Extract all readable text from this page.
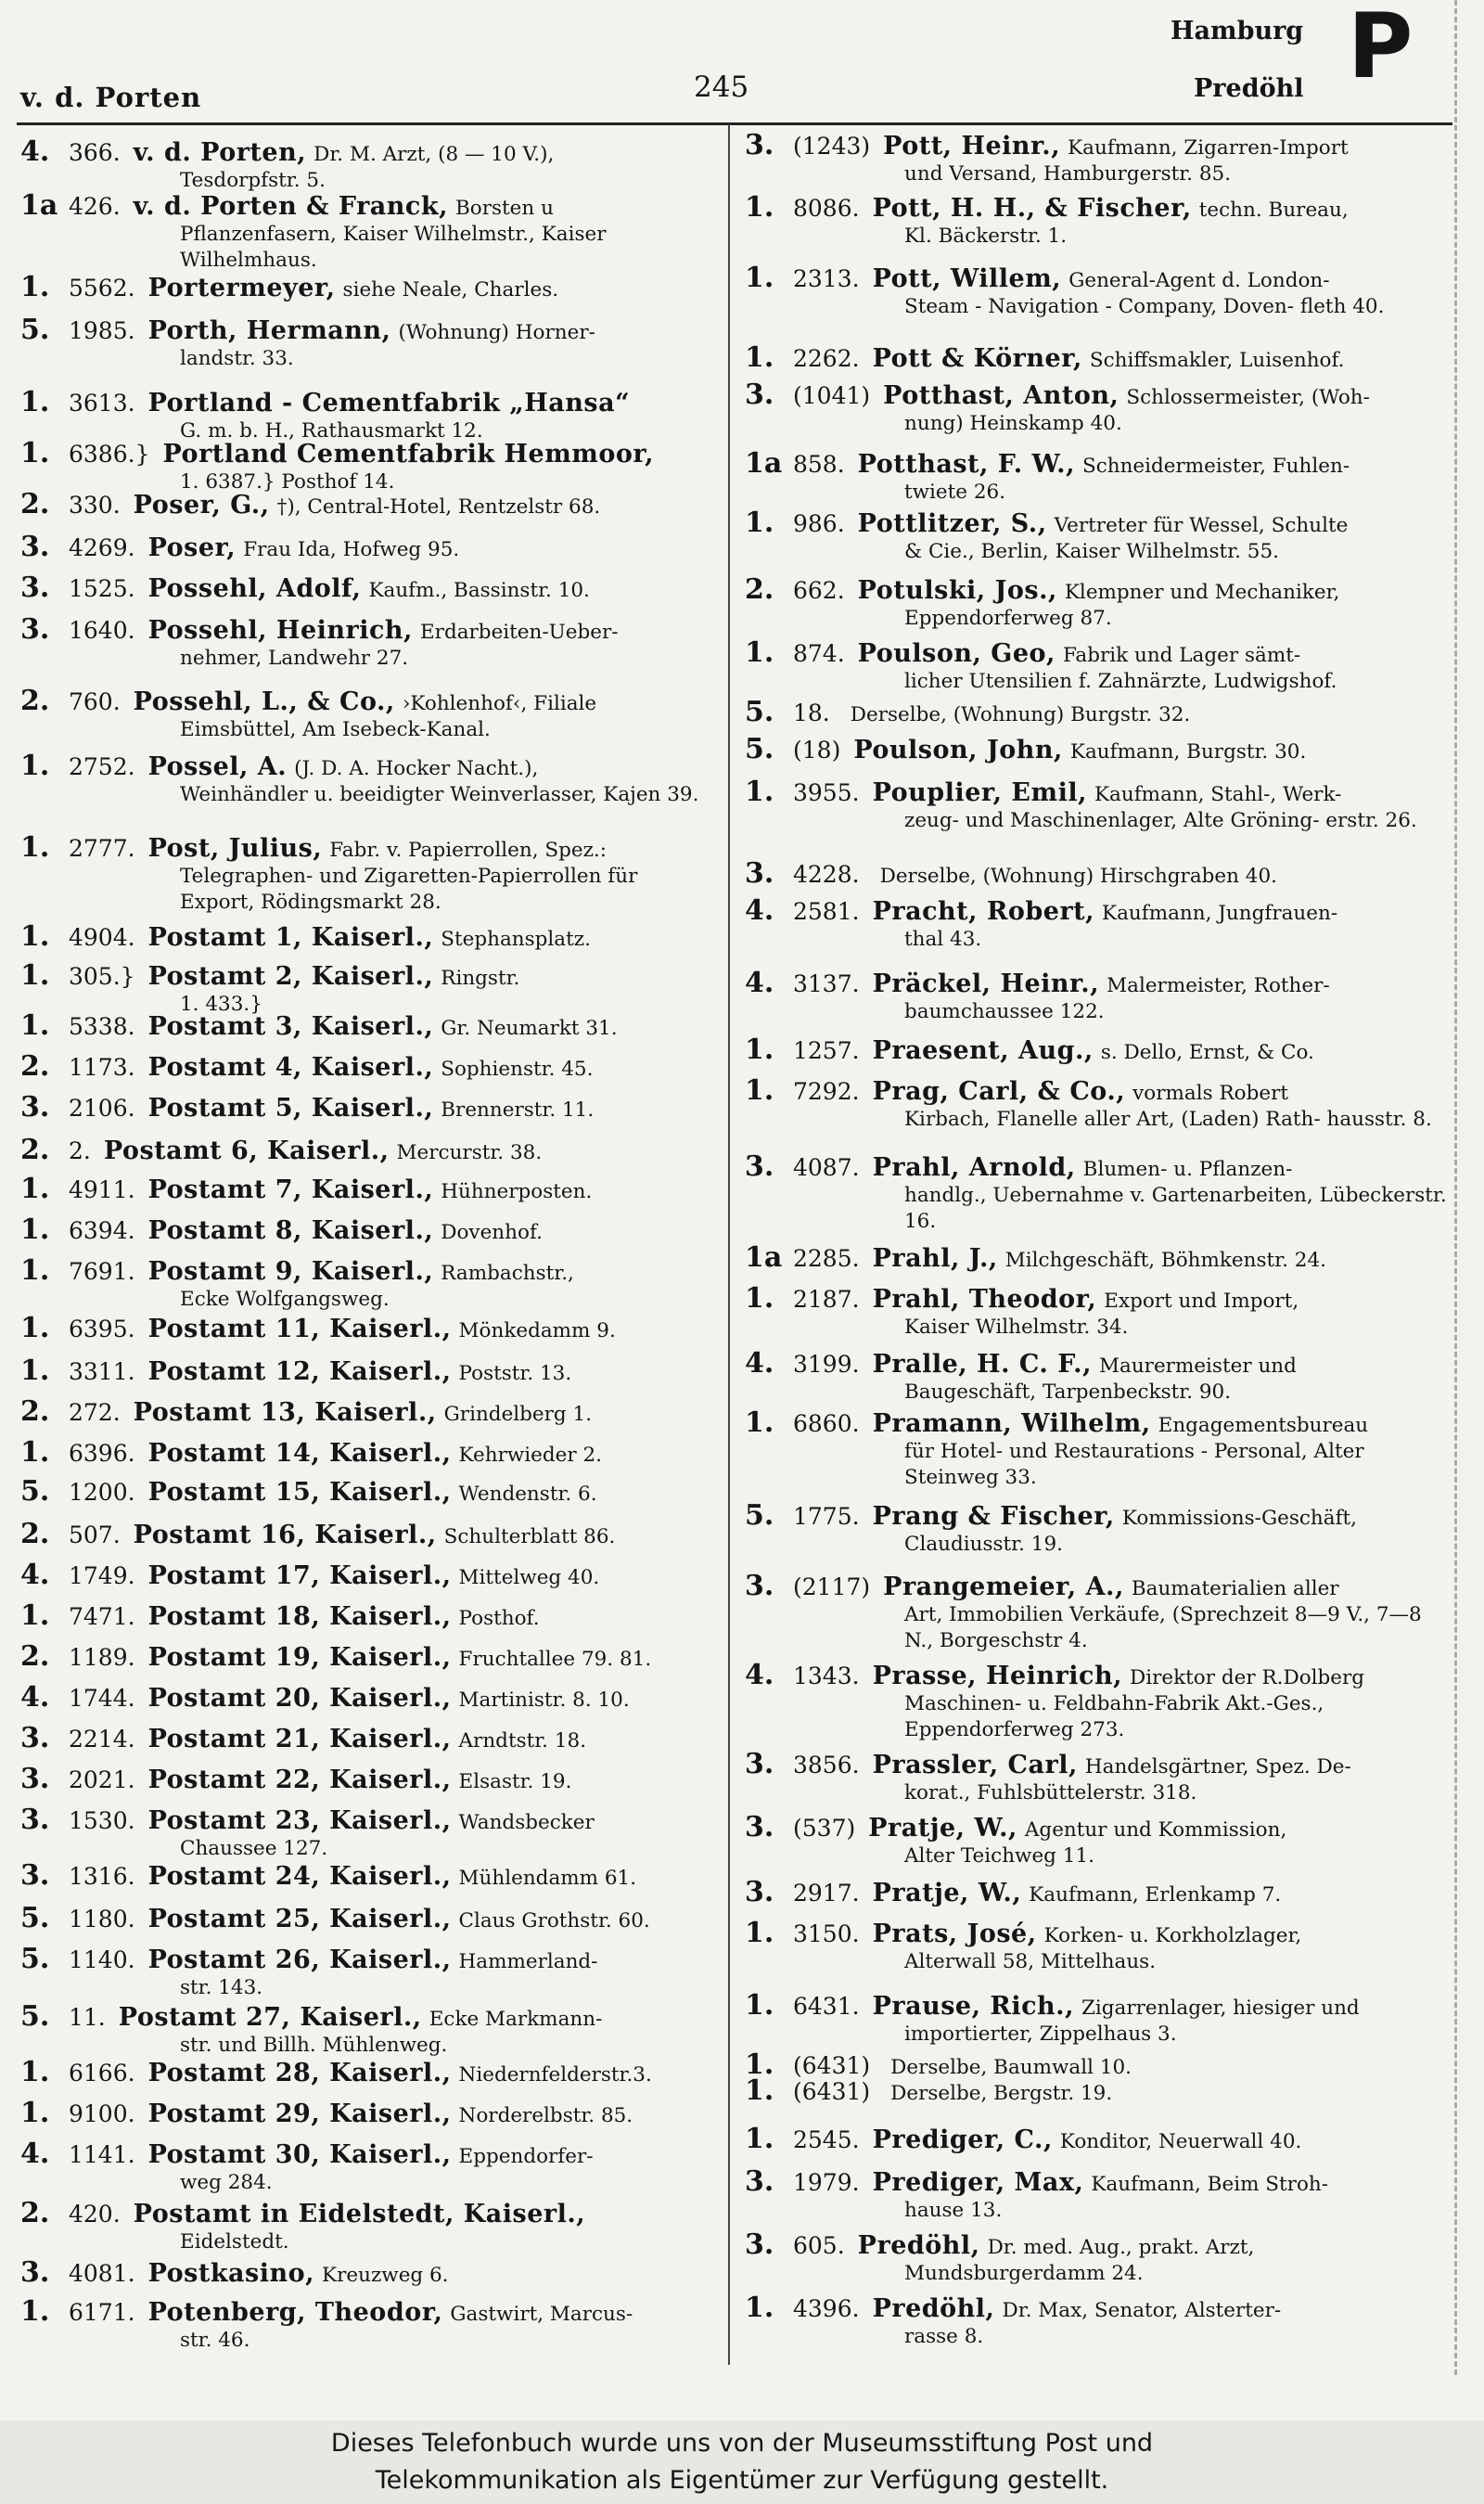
v. d. Porten	245
Hamburg
Predöhl P
4. 366. v. d. Porten, Dr. M. Arzt, (8 — 10 V.),
Tesdorpfstr. 5.
1a 426. v. d. Porten & Franck, Borsten u
Pflanzenfasern, Kaiser Wilhelmstr., Kaiser Wilhelmhaus.
1. 5562. Portermeyer, siehe Neale, Charles.
5. 1985. Porth, Hermann, (Wohnung) Horner-
landstr. 33.
1. 3613. Portland - Cementfabrik „Hansa“
G. m. b. H., Rathausmarkt 12.
1. 6386.} Portland Cementfabrik Hemmoor,
1. 6387.} Posthof 14.
2. 330. Poser, G., †), Central-Hotel, Rentzelstr 68.
3. 4269. Poser, Frau Ida, Hofweg 95.
3. 1525. Possehl, Adolf, Kaufm., Bassinstr. 10.
3. 1640. Possehl, Heinrich, Erdarbeiten-Ueber-
nehmer, Landwehr 27.
2. 760. Possehl, L., & Co., ›Kohlenhof‹, Filiale
Eimsbüttel, Am Isebeck-Kanal.
1. 2752. Possel, A. (J. D. A. Hocker Nacht.),
Weinhändler u. beeidigter Weinverlasser, Kajen 39.
1. 2777. Post, Julius, Fabr. v. Papierrollen, Spez.:
Telegraphen- und Zigaretten-Papierrollen für Export, Rödingsmarkt 28.
1. 4904. Postamt 1, Kaiserl., Stephansplatz.
1. 305.} Postamt 2, Kaiserl., Ringstr.
1. 433.}
1. 5338. Postamt 3, Kaiserl., Gr. Neumarkt 31.
2. 1173. Postamt 4, Kaiserl., Sophienstr. 45.
3. 2106. Postamt 5, Kaiserl., Brennerstr. 11.
2. 2. Postamt 6, Kaiserl., Mercurstr. 38.
1. 4911. Postamt 7, Kaiserl., Hühnerposten.
1. 6394. Postamt 8, Kaiserl., Dovenhof.
1. 7691. Postamt 9, Kaiserl., Rambachstr.,
Ecke Wolfgangsweg.
1. 6395. Postamt 11, Kaiserl., Mönkedamm 9.
1. 3311. Postamt 12, Kaiserl., Poststr. 13.
2. 272. Postamt 13, Kaiserl., Grindelberg 1.
1. 6396. Postamt 14, Kaiserl., Kehrwieder 2.
5. 1200. Postamt 15, Kaiserl., Wendenstr. 6.
2. 507. Postamt 16, Kaiserl., Schulterblatt 86.
4. 1749. Postamt 17, Kaiserl., Mittelweg 40.
1. 7471. Postamt 18, Kaiserl., Posthof.
2. 1189. Postamt 19, Kaiserl., Fruchtallee 79. 81.
4. 1744. Postamt 20, Kaiserl., Martinistr. 8. 10.
3. 2214. Postamt 21, Kaiserl., Arndtstr. 18.
3. 2021. Postamt 22, Kaiserl., Elsastr. 19.
3. 1530. Postamt 23, Kaiserl., Wandsbecker
Chaussee 127.
3. 1316. Postamt 24, Kaiserl., Mühlendamm 61.
5. 1180. Postamt 25, Kaiserl., Claus Grothstr. 60.
5. 1140. Postamt 26, Kaiserl., Hammerland-
str. 143.
5. 11. Postamt 27, Kaiserl., Ecke Markmann-
str. und Billh. Mühlenweg.
1. 6166. Postamt 28, Kaiserl., Niedernfelderstr.3.
1. 9100. Postamt 29, Kaiserl., Norderelbstr. 85.
4. 1141. Postamt 30, Kaiserl., Eppendorfer-
weg 284.
2. 420. Postamt in Eidelstedt, Kaiserl.,
Eidelstedt.
3. 4081. Postkasino, Kreuzweg 6.
1. 6171. Potenberg, Theodor, Gastwirt, Marcus-
str. 46.
3. (1243) Pott, Heinr., Kaufmann, Zigarren-Import
und Versand, Hamburgerstr. 85.
1. 8086. Pott, H. H., & Fischer, techn. Bureau,
Kl. Bäckerstr. 1.
1. 2313. Pott, Willem, General-Agent d. London-
Steam - Navigation - Company, Doven- fleth 40.
1. 2262. Pott & Körner, Schiffsmakler, Luisenhof.
3. (1041) Potthast, Anton, Schlossermeister, (Woh-
nung) Heinskamp 40.
1a 858. Potthast, F. W., Schneidermeister, Fuhlen-
twiete 26.
1. 986. Pottlitzer, S., Vertreter für Wessel, Schulte
& Cie., Berlin, Kaiser Wilhelmstr. 55.
2. 662. Potulski, Jos., Klempner und Mechaniker,
Eppendorferweg 87.
1. 874. Poulson, Geo, Fabrik und Lager sämt-
licher Utensilien f. Zahnärzte, Ludwigshof.
5. 18. Derselbe, (Wohnung) Burgstr. 32.
5. (18) Poulson, John, Kaufmann, Burgstr. 30.
1. 3955. Pouplier, Emil, Kaufmann, Stahl-, Werk-
zeug- und Maschinenlager, Alte Gröning- erstr. 26.
3. 4228. Derselbe, (Wohnung) Hirschgraben 40.
4. 2581. Pracht, Robert, Kaufmann, Jungfrauen-
thal 43.
4. 3137. Präckel, Heinr., Malermeister, Rother-
baumchaussee 122.
1. 1257. Praesent, Aug., s. Dello, Ernst, & Co.
1. 7292. Prag, Carl, & Co., vormals Robert
Kirbach, Flanelle aller Art, (Laden) Rath- hausstr. 8.
3. 4087. Prahl, Arnold, Blumen- u. Pflanzen-
handlg., Uebernahme v. Gartenarbeiten, Lübeckerstr. 16.
1a 2285. Prahl, J., Milchgeschäft, Böhmkenstr. 24.
1. 2187. Prahl, Theodor, Export und Import,
Kaiser Wilhelmstr. 34.
4. 3199. Pralle, H. C. F., Maurermeister und
Baugeschäft, Tarpenbeckstr. 90.
1. 6860. Pramann, Wilhelm, Engagementsbureau
für Hotel- und Restaurations - Personal, Alter Steinweg 33.
5. 1775. Prang & Fischer, Kommissions-Geschäft,
Claudiusstr. 19.
3. (2117) Prangemeier, A., Baumaterialien aller
Art, Immobilien Verkäufe, (Sprechzeit 8—9 V., 7—8 N., Borgeschstr 4.
4. 1343. Prasse, Heinrich, Direktor der R.Dolberg
Maschinen- u. Feldbahn-Fabrik Akt.-Ges., Eppendorferweg 273.
3. 3856. Prassler, Carl, Handelsgärtner, Spez. De-
korat., Fuhlsbüttelerstr. 318.
3. (537) Pratje, W., Agentur und Kommission,
Alter Teichweg 11.
3. 2917. Pratje, W., Kaufmann, Erlenkamp 7.
1. 3150. Prats, José, Korken- u. Korkholzlager,
Alterwall 58, Mittelhaus.
1. 6431. Prause, Rich., Zigarrenlager, hiesiger und
importierter, Zippelhaus 3.
1. (6431) Derselbe, Baumwall 10.
1. (6431) Derselbe, Bergstr. 19.
1. 2545. Prediger, C., Konditor, Neuerwall 40.
3. 1979. Prediger, Max, Kaufmann, Beim Stroh-
hause 13.
3. 605. Predöhl, Dr. med. Aug., prakt. Arzt,
Mundsburgerdamm 24.
1. 4396. Predöhl, Dr. Max, Senator, Alsterter-
rasse 8.
Dieses Telefonbuch wurde uns von der Museumsstiftung Post und
Telekommunikation als Eigentümer zur Verfügung gestellt.
